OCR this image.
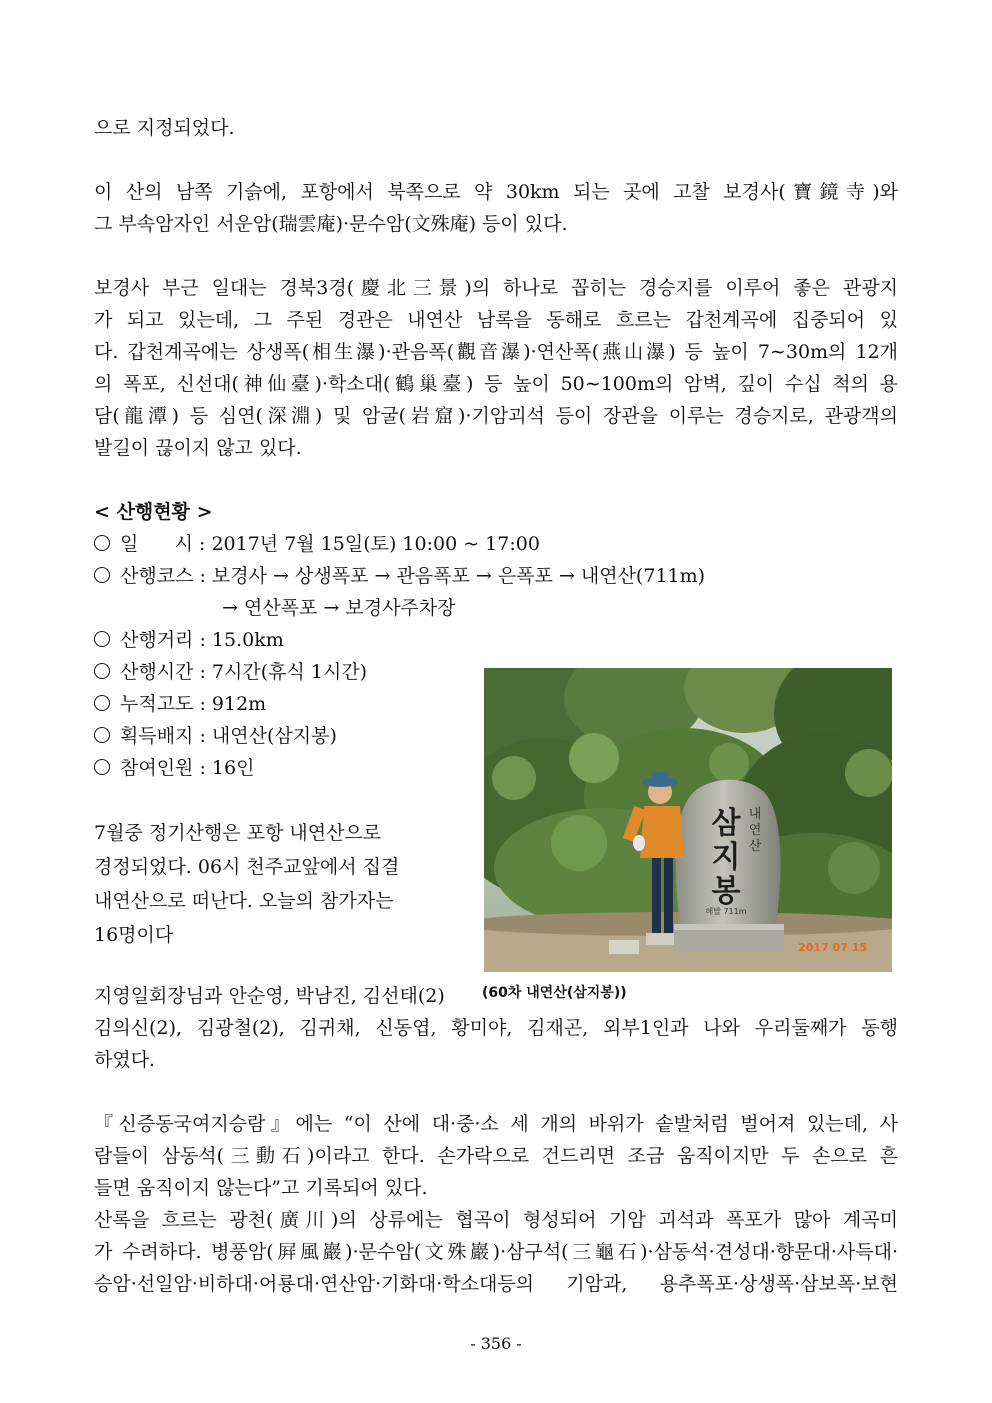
으로 지정되었다.

이 산의 남쪽 기슭에, 포항에서 북쪽으로 약 30km 되는 곳에 고찰 보경사(寶鏡寺)와
그 부속암자인 서운암(瑞雲庵)·문수암(文殊庵) 등이 있다.

보경사 부근 일대는 경북3경(慶北三景)의 하나로 꼽히는 경승지를 이루어 좋은 관광지
가 되고 있는데, 그 주된 경관은 내연산 남록을 동해로 흐르는 갑천계곡에 집중되어 있
다. 갑천계곡에는 상생폭(相生瀑)·관음폭(觀音瀑)·연산폭(燕山瀑) 등 높이 7∼30m의 12개
의 폭포, 신선대(神仙臺)·학소대(鶴巢臺) 등 높이 50∼100m의 암벽, 깊이 수십 척의 용
담(龍潭) 등 심연(深淵) 및 암굴(岩窟)·기암괴석 등이 장관을 이루는 경승지로, 관광객의
발길이 끊이지 않고 있다.

< 산행현황 >
일      시 : 2017년 7월 15일(토) 10:00 ~ 17:00
산행코스 : 보경사 → 상생폭포 → 관음폭포 → 은폭포 → 내연산(711m)
→ 연산폭포 → 보경사주차장
산행거리 : 15.0km
산행시간 : 7시간(휴식 1시간)
누적고도 : 912m
획득배지 : 내연산(삼지봉)
참여인원 : 16인

7월중 정기산행은 포항 내연산으로
경정되었다. 06시 천주교앞에서 집결
내연산으로 떠난다. 오늘의 참가자는
16명이다

삼
지
봉
내
연
산
해발 711m
2017 07 15
(60차 내연산(삼지봉))
지영일회장님과 안순영, 박남진, 김선태(2)

김의신(2), 김광철(2), 김귀채, 신동엽, 황미야, 김재곤, 외부1인과 나와 우리둘째가 동행
하였다.

『신증동국여지승람』에는 “이 산에 대·중·소 세 개의 바위가 솥발처럼 벌어져 있는데, 사
람들이 삼동석(三動石)이라고 한다. 손가락으로 건드리면 조금 움직이지만 두 손으로 흔
들면 움직이지 않는다”고 기록되어 있다.

산록을 흐르는 광천(廣川)의 상류에는 협곡이 형성되어 기암 괴석과 폭포가 많아 계곡미
가 수려하다. 병풍암(屛風巖)·문수암(文殊巖)·삼구석(三龜石)·삼동석·견성대·향문대·사득대·
승암·선일암·비하대·어룡대·연산암·기화대·학소대등의 기암과, 용추폭포·상생폭·삼보폭·보현

- 356 -
